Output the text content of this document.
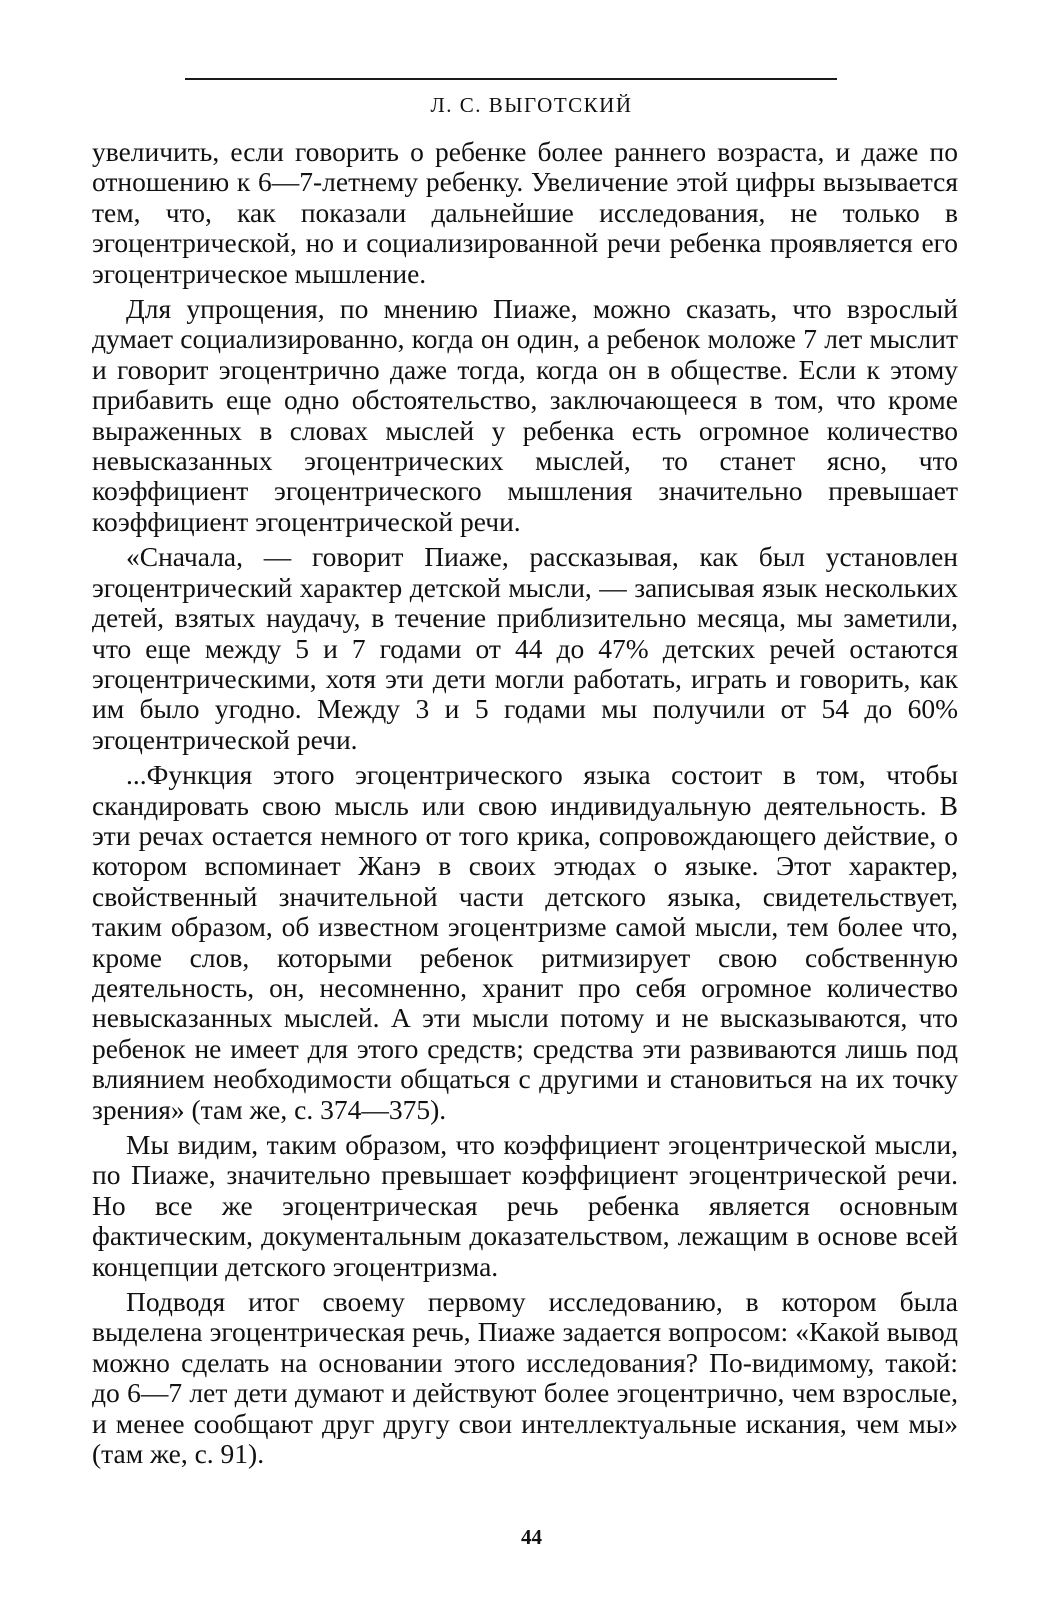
Л. С. ВЫГОТСКИЙ

увеличить, если говорить о ребенке более раннего возраста, и даже по отношению к 6—7-летнему ребенку. Увеличение этой цифры вызывается тем, что, как показали дальнейшие исследования, не только в эгоцентрической, но и социализированной речи ребенка проявляется его эгоцентрическое мышление.

Для упрощения, по мнению Пиаже, можно сказать, что взрослый думает социализированно, когда он один, а ребенок моложе 7 лет мыслит и говорит эгоцентрично даже тогда, когда он в обществе. Если к этому прибавить еще одно обстоятельство, заключающееся в том, что кроме выраженных в словах мыслей у ребенка есть огромное количество невысказанных эгоцентрических мыслей, то станет ясно, что коэффициент эгоцентрического мышления значительно превышает коэффициент эгоцентрической речи.

«Сначала, — говорит Пиаже, рассказывая, как был установлен эгоцентрический характер детской мысли, — записывая язык нескольких детей, взятых наудачу, в течение приблизительно месяца, мы заметили, что еще между 5 и 7 годами от 44 до 47% детских речей остаются эгоцентрическими, хотя эти дети могли работать, играть и говорить, как им было угодно. Между 3 и 5 годами мы получили от 54 до 60% эгоцентрической речи.

...Функция этого эгоцентрического языка состоит в том, чтобы скандировать свою мысль или свою индивидуальную деятельность. В эти речах остается немного от того крика, сопровождающего действие, о котором вспоминает Жанэ в своих этюдах о языке. Этот характер, свойственный значительной части детского языка, свидетельствует, таким образом, об известном эгоцентризме самой мысли, тем более что, кроме слов, которыми ребенок ритмизирует свою собственную деятельность, он, несомненно, хранит про себя огромное количество невысказанных мыслей. А эти мысли потому и не высказываются, что ребенок не имеет для этого средств; средства эти развиваются лишь под влиянием необходимости общаться с другими и становиться на их точку зрения» (там же, с. 374—375).

Мы видим, таким образом, что коэффициент эгоцентрической мысли, по Пиаже, значительно превышает коэффициент эгоцентрической речи. Но все же эгоцентрическая речь ребенка является основным фактическим, документальным доказательством, лежащим в основе всей концепции детского эгоцентризма.

Подводя итог своему первому исследованию, в котором была выделена эгоцентрическая речь, Пиаже задается вопросом: «Какой вывод можно сделать на основании этого исследования? По-видимому, такой: до 6—7 лет дети думают и действуют более эгоцентрично, чем взрослые, и менее сообщают друг другу свои интеллектуальные искания, чем мы» (там же, с. 91).

44
